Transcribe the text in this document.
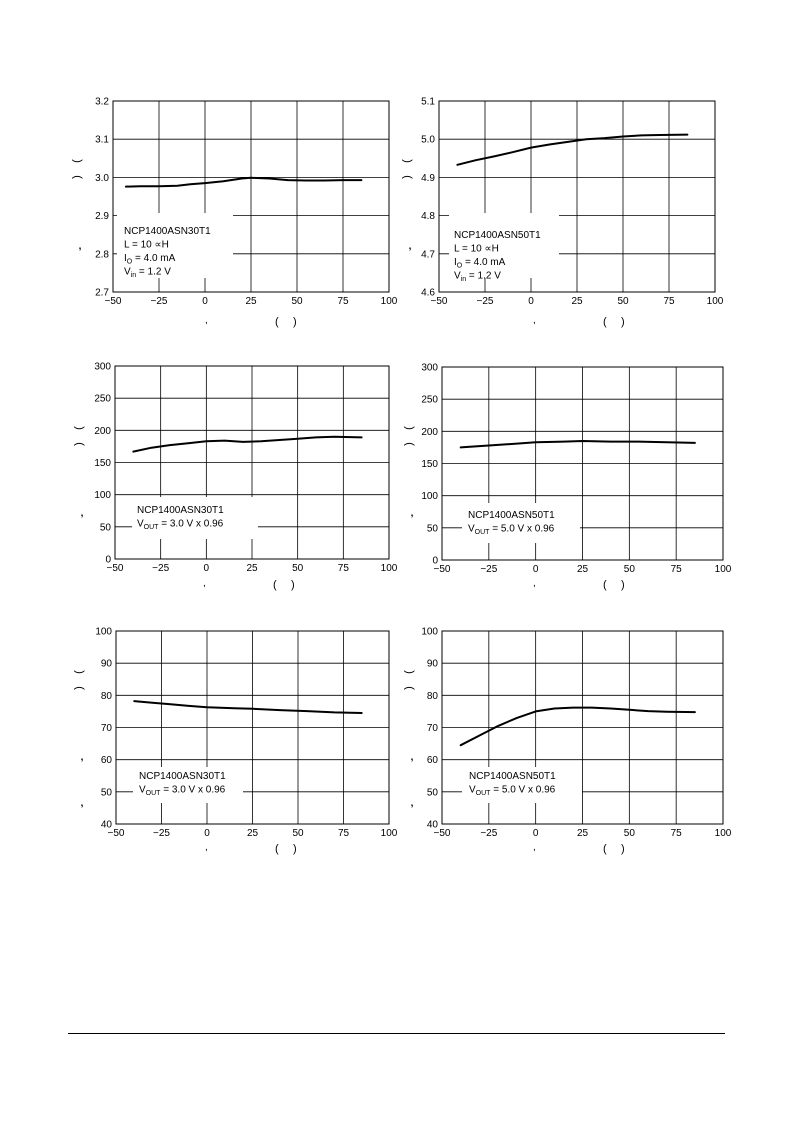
−50	−25	0	25	50	75	100
2.7
2.8
2.9
3.0
3.1
3.2
NCP1400ASN30T1
L = 10 ∝H
$I_O = 4.0$ mA
$V_{in} = 1.2$ V
,	( )
(
)
,
−50	−25	0	25	50	75	100
4.6
4.7
4.8
4.9
5.0
5.1
NCP1400ASN50T1
L = 10 ∝H
$I_O = 4.0$ mA
$V_{in} = 1.2$ V
,	( )
(
)
,
−50	−25	0	25	50	75	100
0
50
100
150
200
250
300
NCP1400ASN30T1
$V_{OUT} = 3.0$ V x 0.96
,	( )
(
)
,
−50	−25	0	25	50	75	100
0
50
100
150
200
250
300
NCP1400ASN50T1
$V_{OUT} = 5.0$ V x 0.96
,	( )
(
)
,
−50	−25	0	25	50	75	100
40
50
60
70
80
90
100
NCP1400ASN30T1
$V_{OUT} = 3.0$ V x 0.96
,	( )
(
)
,
,
−50	−25	0	25	50	75	100
40
50
60
70
80
90
100
NCP1400ASN50T1
$V_{OUT} = 5.0$ V x 0.96
,	( )
(
)
,
,
